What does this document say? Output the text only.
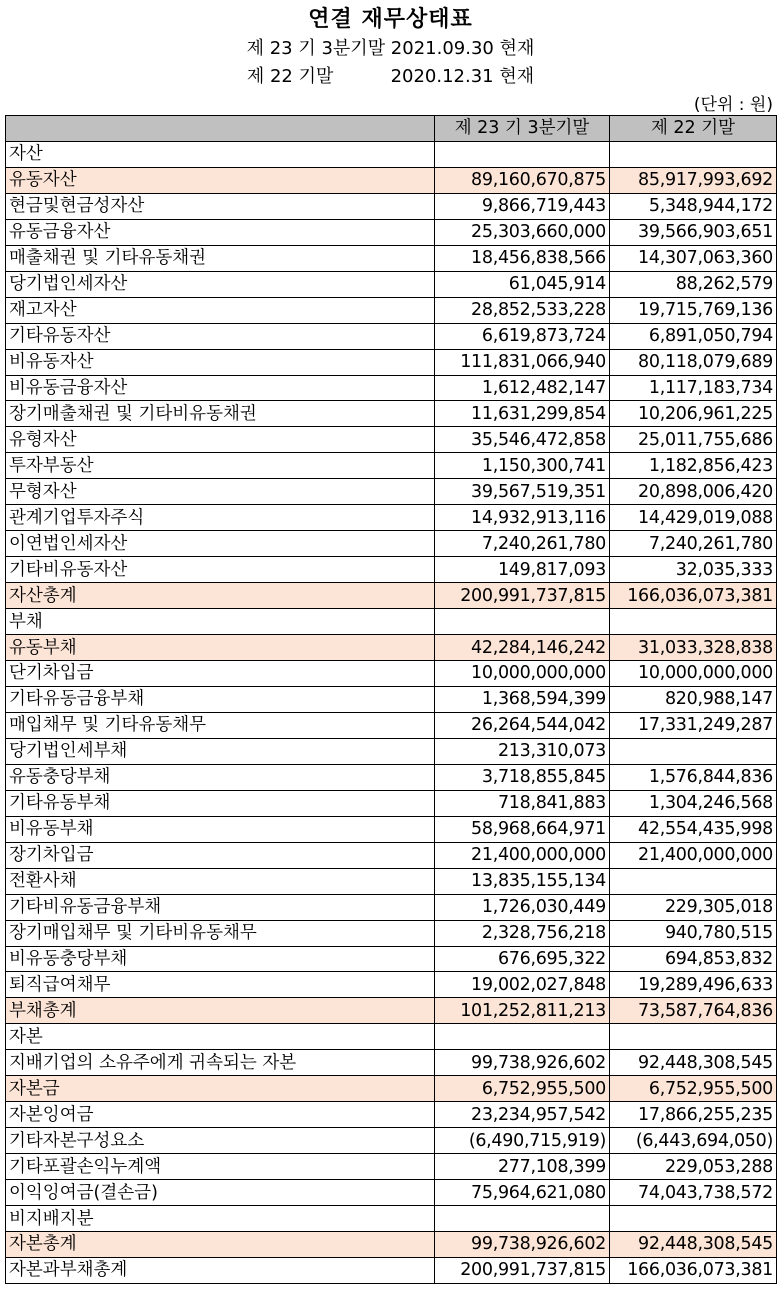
연결 재무상태표
제 23 기 3분기말 2021.09.30 현재
제 22 기말          2020.12.31 현재
(단위 : 원)
	제 23 기 3분기말	제 22 기말
자산		
유동자산	89,160,670,875	85,917,993,692
현금및현금성자산	9,866,719,443	5,348,944,172
유동금융자산	25,303,660,000	39,566,903,651
매출채권 및 기타유동채권	18,456,838,566	14,307,063,360
당기법인세자산	61,045,914	88,262,579
재고자산	28,852,533,228	19,715,769,136
기타유동자산	6,619,873,724	6,891,050,794
비유동자산	111,831,066,940	80,118,079,689
비유동금융자산	1,612,482,147	1,117,183,734
장기매출채권 및 기타비유동채권	11,631,299,854	10,206,961,225
유형자산	35,546,472,858	25,011,755,686
투자부동산	1,150,300,741	1,182,856,423
무형자산	39,567,519,351	20,898,006,420
관계기업투자주식	14,932,913,116	14,429,019,088
이연법인세자산	7,240,261,780	7,240,261,780
기타비유동자산	149,817,093	32,035,333
자산총계	200,991,737,815	166,036,073,381
부채		
유동부채	42,284,146,242	31,033,328,838
단기차입금	10,000,000,000	10,000,000,000
기타유동금융부채	1,368,594,399	820,988,147
매입채무 및 기타유동채무	26,264,544,042	17,331,249,287
당기법인세부채	213,310,073	
유동충당부채	3,718,855,845	1,576,844,836
기타유동부채	718,841,883	1,304,246,568
비유동부채	58,968,664,971	42,554,435,998
장기차입금	21,400,000,000	21,400,000,000
전환사채	13,835,155,134	
기타비유동금융부채	1,726,030,449	229,305,018
장기매입채무 및 기타비유동채무	2,328,756,218	940,780,515
비유동충당부채	676,695,322	694,853,832
퇴직급여채무	19,002,027,848	19,289,496,633
부채총계	101,252,811,213	73,587,764,836
자본		
지배기업의 소유주에게 귀속되는 자본	99,738,926,602	92,448,308,545
자본금	6,752,955,500	6,752,955,500
자본잉여금	23,234,957,542	17,866,255,235
기타자본구성요소	(6,490,715,919)	(6,443,694,050)
기타포괄손익누계액	277,108,399	229,053,288
이익잉여금(결손금)	75,964,621,080	74,043,738,572
비지배지분		
자본총계	99,738,926,602	92,448,308,545
자본과부채총계	200,991,737,815	166,036,073,381
